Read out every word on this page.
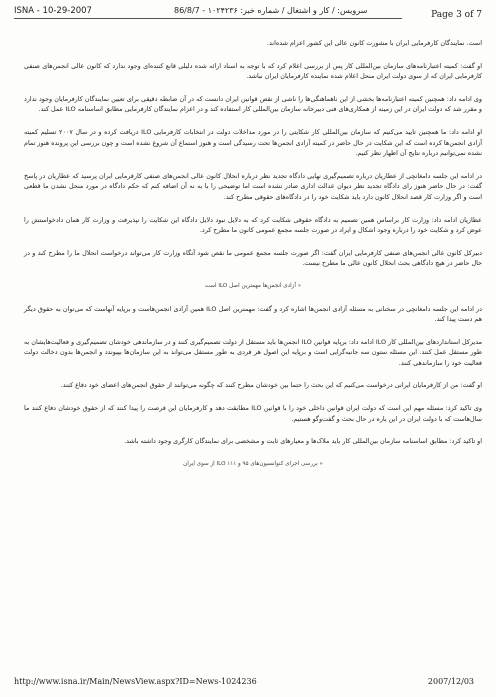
ISNA - 10-29-2007	سرویس: / کار و اشتغال / شماره خبر: ۱۰۲۴۲۳۶ - 86/8/7	Page 3 of 7

است. نمایندگان کارفرمایی ایران با مشورت کانون عالی این کشور اعزام شده‌اند.

او گفت: کمیته اعتبارنامه‌های سازمان بین‌المللی کار پس از بررسی اعلام کرد که با توجه به اسناد ارائه شده دلیلی قانع کننده‌ای وجود ندارد که کانون عالی انجمن‌های صنفی کارفرمایی ایران که از سوی دولت ایران منحل اعلام شده نماینده کارفرمایان ایران نباشد.

وی ادامه داد: همچنین کمیته اعتبارنامه‌ها بخشی از این ناهماهنگی‌ها را ناشی از نقص قوانین ایران دانست که در آن ضابطه دقیقی برای تعیین نمایندگان کارفرمایان وجود ندارد و مقرر شد که دولت ایران در این زمینه از همکاری‌های فنی دبیرخانه سازمان بین‌المللی کار استفاده کند و در اعزام نمایندگان کارفرمایی مطابق اساسنامه ILO عمل کند.

او ادامه داد: ما همچنین تایید می‌کنیم که سازمان بین‌المللی کار شکایتی را در مورد مداخلات دولت در انتخابات کارفرمایی ILO دریافت کرده و در سال ۲۰۰۷ تسلیم کمیته آزادی انجمن‌ها کرده است که این شکایت در حال حاضر در کمیته آزادی انجمن‌ها تحت رسیدگی است و هنوز استماع آن شروع نشده است و چون بررسی این پرونده هنوز تمام نشده نمی‌توانیم درباره نتایج آن اظهار نظر کنیم.

در ادامه این جلسه دامغانچی از عطاریان درباره تصمیم‌گیری نهایی دادگاه تجدید نظر درباره انحلال کانون عالی انجمن‌های صنفی کارفرمایی ایران پرسید که عطاریان در پاسخ گفت: در حال حاضر هنوز رای دادگاه تجدید نظر دیوان عدالت اداری صادر نشده است اما توضیحی را با به نه آن اضافه کنم که حکم دادگاه در مورد منحل نشدن ما قطعی است و اگر وزارت کار قصد انحلال کانون دارد باید شکایت خود را در دادگاه‌های حقوقی مطرح کند.

عطاریان ادامه داد: وزارت کار براساس همین تصمیم به دادگاه حقوقی شکایت کرد که به دلایل نبود دلایل دادگاه این شکایت را نپذیرفت و وزارت کار همان دادخواستش را عوض کرد و شکایت خود را درباره وجود اشکال و ایراد در صورت جلسه مجمع عمومی کانون ما مطرح کرد.

دبیرکل کانون عالی انجمن‌های صنفی کارفرمایی ایران گفت: اگر صورت جلسه مجمع عمومی ما نقص شود آنگاه وزارت کار می‌تواند درخواست انحلال ما را مطرح کند و در حال حاضر در هیچ دادگاهی بحث انحلال کانون عالی ما مطرح نیست.

« آزادی انجمن‌ها مهمترین اصل ILO است

در ادامه این جلسه دامغانچی در سخنانی به مسئله آزادی انجمن‌ها اشاره کرد و گفت: مهمترین اصل ILO همین آزادی انجمن‌هاست و برپایه آنهاست که می‌توان به حقوق دیگر هم دست پیدا کند.

مدیرکل استانداردهای بین‌المللی کار ILO ادامه داد: برپایه قوانین ILO انجمن‌ها باید مستقل از دولت تصمیم‌گیری کنند و در سازماندهی خودشان تصمیم‌گیری و فعالیت‌هایشان به طور مستقل عمل کنند. این مسئله ستون سه جانبه‌گرایی است و برپایه این اصول هر فردی به طور مستقل می‌تواند به این سازمان‌ها بپیوندد و انجمن‌ها بدون دخالت دولت فعالیت خود را سازماندهی کنند.

او گفت: من از کارفرمایان ایرانی درخواست می‌کنیم که این بحث را حتما بین خودشان مطرح کنند که چگونه می‌توانند از حقوق انجمن‌های اعضای خود دفاع کنند.

وی تاکید کرد: مسئله مهم این است که دولت ایران قوانین داخلی خود را با قوانین ILO مطابقت دهد و کارفرمایان این فرصت را پیدا کنند که از حقوق خودشان دفاع کنند ما سال‌هاست که با دولت ایران در این باره در حال بحث و گفت‌وگو هستیم.

او تاکید کرد: مطابق اساسنامه سازمان بین‌المللی کار باید ملاک‌ها و معیارهای ثابت و مشخصی برای نمایندگان کارگری وجود داشته باشد.

« بررسی اجرای کنوانسیون‌های ۹۵ و ۱۱۱ ILO از سوی ایران
http://www.isna.ir/Main/NewsView.aspx?ID=News-1024236	2007/12/03
